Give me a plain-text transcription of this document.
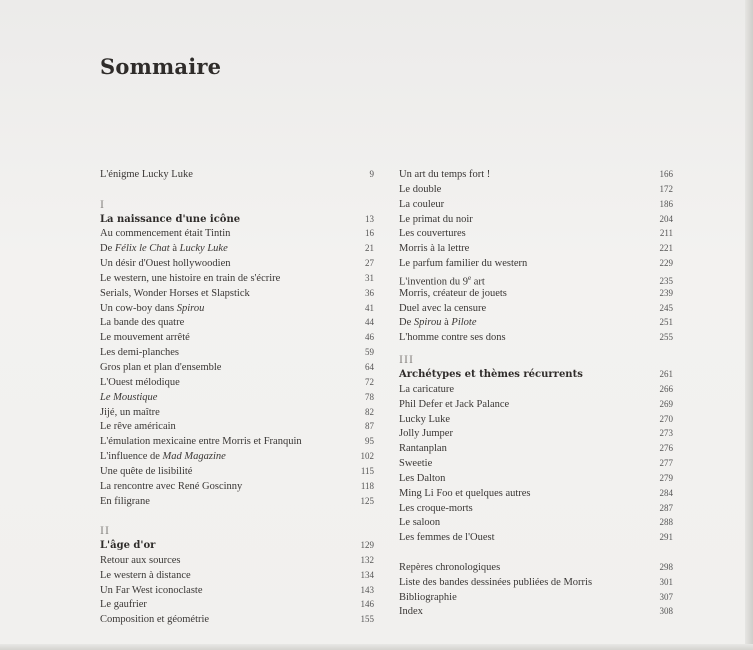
Sommaire
L'énigme Lucky Luke	9
I
La naissance d'une icône	13
Au commencement était Tintin	16
De Félix le Chat à Lucky Luke	21
Un désir d'Ouest hollywoodien	27
Le western, une histoire en train de s'écrire	31
Serials, Wonder Horses et Slapstick	36
Un cow-boy dans Spirou	41
La bande des quatre	44
Le mouvement arrêté	46
Les demi-planches	59
Gros plan et plan d'ensemble	64
L'Ouest mélodique	72
Le Moustique	78
Jijé, un maître	82
Le rêve américain	87
L'émulation mexicaine entre Morris et Franquin	95
L'influence de Mad Magazine	102
Une quête de lisibilité	115
La rencontre avec René Goscinny	118
En filigrane	125
II
L'âge d'or	129
Retour aux sources	132
Le western à distance	134
Un Far West iconoclaste	143
Le gaufrier	146
Composition et géométrie	155
Un art du temps fort !	166
Le double	172
La couleur	186
Le primat du noir	204
Les couvertures	211
Morris à la lettre	221
Le parfum familier du western	229
L'invention du 9e art	235
Morris, créateur de jouets	239
Duel avec la censure	245
De Spirou à Pilote	251
L'homme contre ses dons	255
III
Archétypes et thèmes récurrents	261
La caricature	266
Phil Defer et Jack Palance	269
Lucky Luke	270
Jolly Jumper	273
Rantanplan	276
Sweetie	277
Les Dalton	279
Ming Li Foo et quelques autres	284
Les croque-morts	287
Le saloon	288
Les femmes de l'Ouest	291
Repères chronologiques	298
Liste des bandes dessinées publiées de Morris	301
Bibliographie	307
Index	308
